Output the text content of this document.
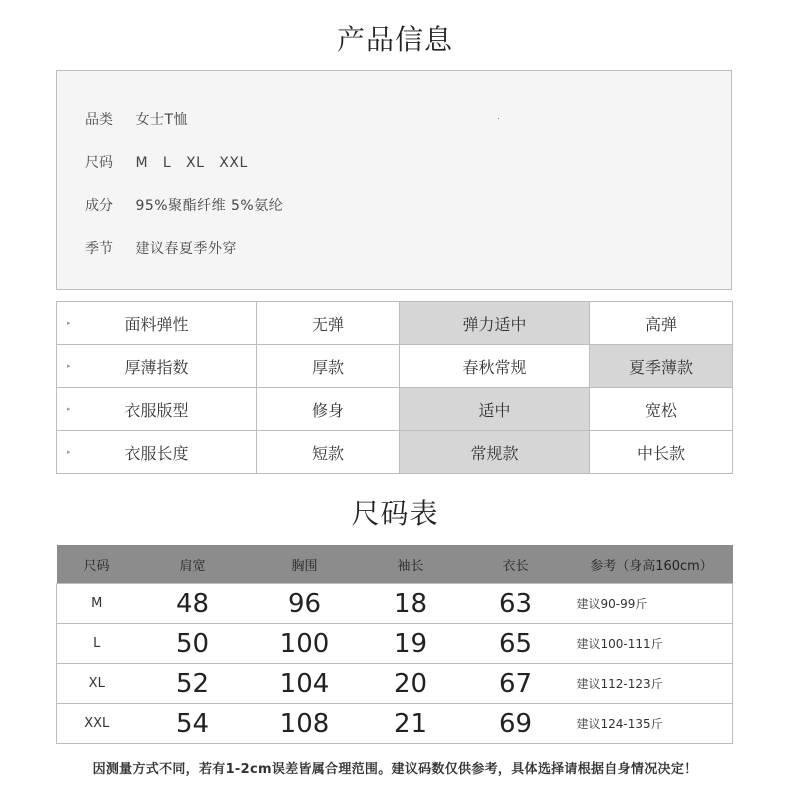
产品信息
品类 女士T恤
尺码 M   L   XL   XXL
成分 95%聚酯纤维 5%氨纶
季节 建议春夏季外穿
▸ 面料弹性	无弹	弹力适中	高弹

▸ 厚薄指数	厚款	春秋常规	夏季薄款

▸ 衣服版型	修身	适中	宽松

▸ 衣服长度	短款	常规款	中长款
尺码表
尺码	肩宽	胸围	袖长	衣长	参考（身高160cm）
M	48	96	18	63	建议90-99斤
L	50	100	19	65	建议100-111斤
XL	52	104	20	67	建议112-123斤
XXL	54	108	21	69	建议124-135斤
因测量方式不同，若有1-2cm误差皆属合理范围。建议码数仅供参考，具体选择请根据自身情况决定！
